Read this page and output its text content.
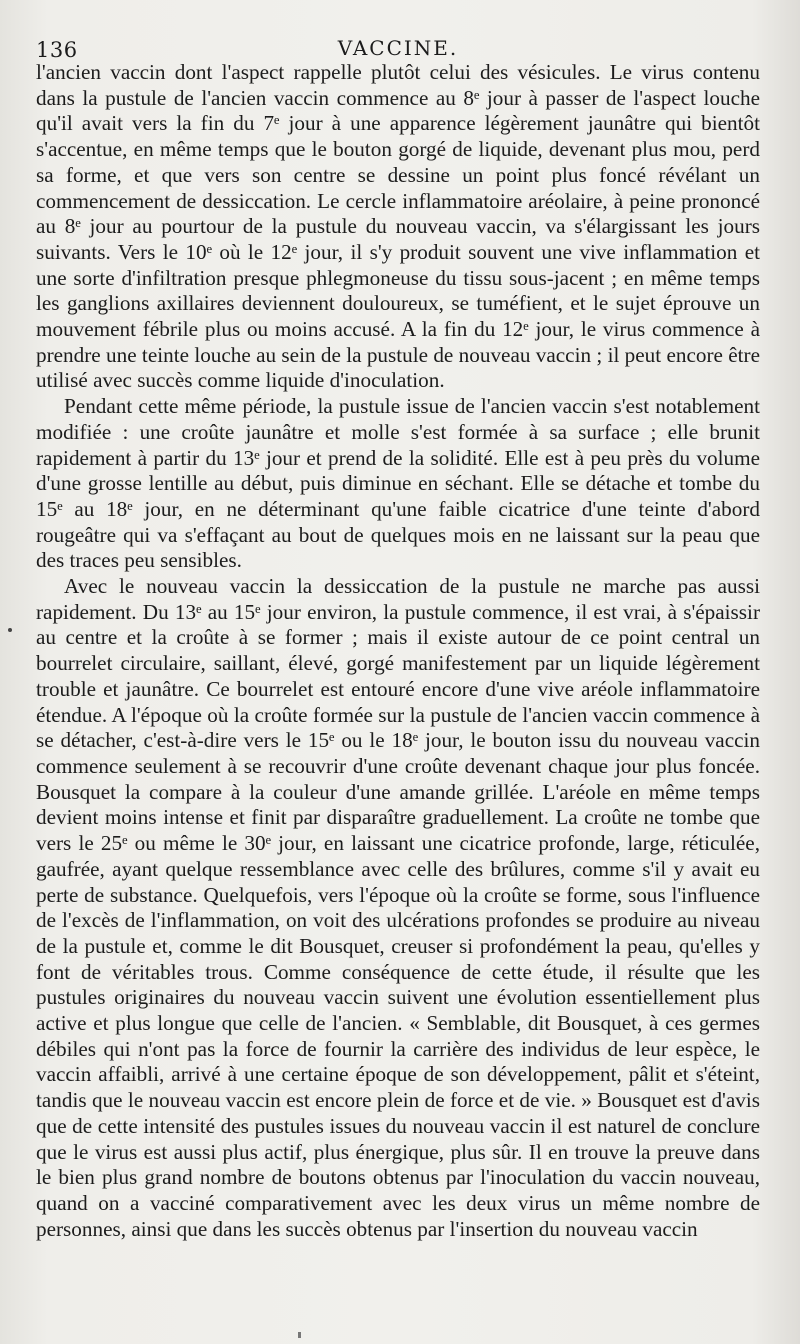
136	VACCINE.

l'ancien vaccin dont l'aspect rappelle plutôt celui des vésicules. Le virus contenu dans la pustule de l'ancien vaccin commence au 8ᵉ jour à passer de l'aspect louche qu'il avait vers la fin du 7ᵉ jour à une apparence légèrement jaunâtre qui bientôt s'accentue, en même temps que le bouton gorgé de liquide, devenant plus mou, perd sa forme, et que vers son centre se dessine un point plus foncé révélant un commencement de dessiccation. Le cercle inflammatoire aréolaire, à peine prononcé au 8ᵉ jour au pourtour de la pustule du nouveau vaccin, va s'élargissant les jours suivants. Vers le 10ᵉ où le 12ᵉ jour, il s'y produit souvent une vive inflammation et une sorte d'infiltration presque phlegmoneuse du tissu sous-jacent ; en même temps les ganglions axillaires deviennent douloureux, se tuméfient, et le sujet éprouve un mouvement fébrile plus ou moins accusé. A la fin du 12ᵉ jour, le virus commence à prendre une teinte louche au sein de la pustule de nouveau vaccin ; il peut encore être utilisé avec succès comme liquide d'inoculation.

Pendant cette même période, la pustule issue de l'ancien vaccin s'est notablement modifiée : une croûte jaunâtre et molle s'est formée à sa surface ; elle brunit rapidement à partir du 13ᵉ jour et prend de la solidité. Elle est à peu près du volume d'une grosse lentille au début, puis diminue en séchant. Elle se détache et tombe du 15ᵉ au 18ᵉ jour, en ne déterminant qu'une faible cicatrice d'une teinte d'abord rougeâtre qui va s'effaçant au bout de quelques mois en ne laissant sur la peau que des traces peu sensibles.

Avec le nouveau vaccin la dessiccation de la pustule ne marche pas aussi rapidement. Du 13ᵉ au 15ᵉ jour environ, la pustule commence, il est vrai, à s'épaissir au centre et la croûte à se former ; mais il existe autour de ce point central un bourrelet circulaire, saillant, élevé, gorgé manifestement par un liquide légèrement trouble et jaunâtre. Ce bourrelet est entouré encore d'une vive aréole inflammatoire étendue. A l'époque où la croûte formée sur la pustule de l'ancien vaccin commence à se détacher, c'est-à-dire vers le 15ᵉ ou le 18ᵉ jour, le bouton issu du nouveau vaccin commence seulement à se recouvrir d'une croûte devenant chaque jour plus foncée. Bousquet la compare à la couleur d'une amande grillée. L'aréole en même temps devient moins intense et finit par disparaître graduellement. La croûte ne tombe que vers le 25ᵉ ou même le 30ᵉ jour, en laissant une cicatrice profonde, large, réticulée, gaufrée, ayant quelque ressemblance avec celle des brûlures, comme s'il y avait eu perte de substance. Quelquefois, vers l'époque où la croûte se forme, sous l'influence de l'excès de l'inflammation, on voit des ulcérations profondes se produire au niveau de la pustule et, comme le dit Bousquet, creuser si profondément la peau, qu'elles y font de véritables trous. Comme conséquence de cette étude, il résulte que les pustules originaires du nouveau vaccin suivent une évolution essentiellement plus active et plus longue que celle de l'ancien. « Semblable, dit Bousquet, à ces germes débiles qui n'ont pas la force de fournir la carrière des individus de leur espèce, le vaccin affaibli, arrivé à une certaine époque de son développement, pâlit et s'éteint, tandis que le nouveau vaccin est encore plein de force et de vie. » Bousquet est d'avis que de cette intensité des pustules issues du nouveau vaccin il est naturel de conclure que le virus est aussi plus actif, plus énergique, plus sûr. Il en trouve la preuve dans le bien plus grand nombre de boutons obtenus par l'inoculation du vaccin nouveau, quand on a vacciné comparativement avec les deux virus un même nombre de personnes, ainsi que dans les succès obtenus par l'insertion du nouveau vaccin
